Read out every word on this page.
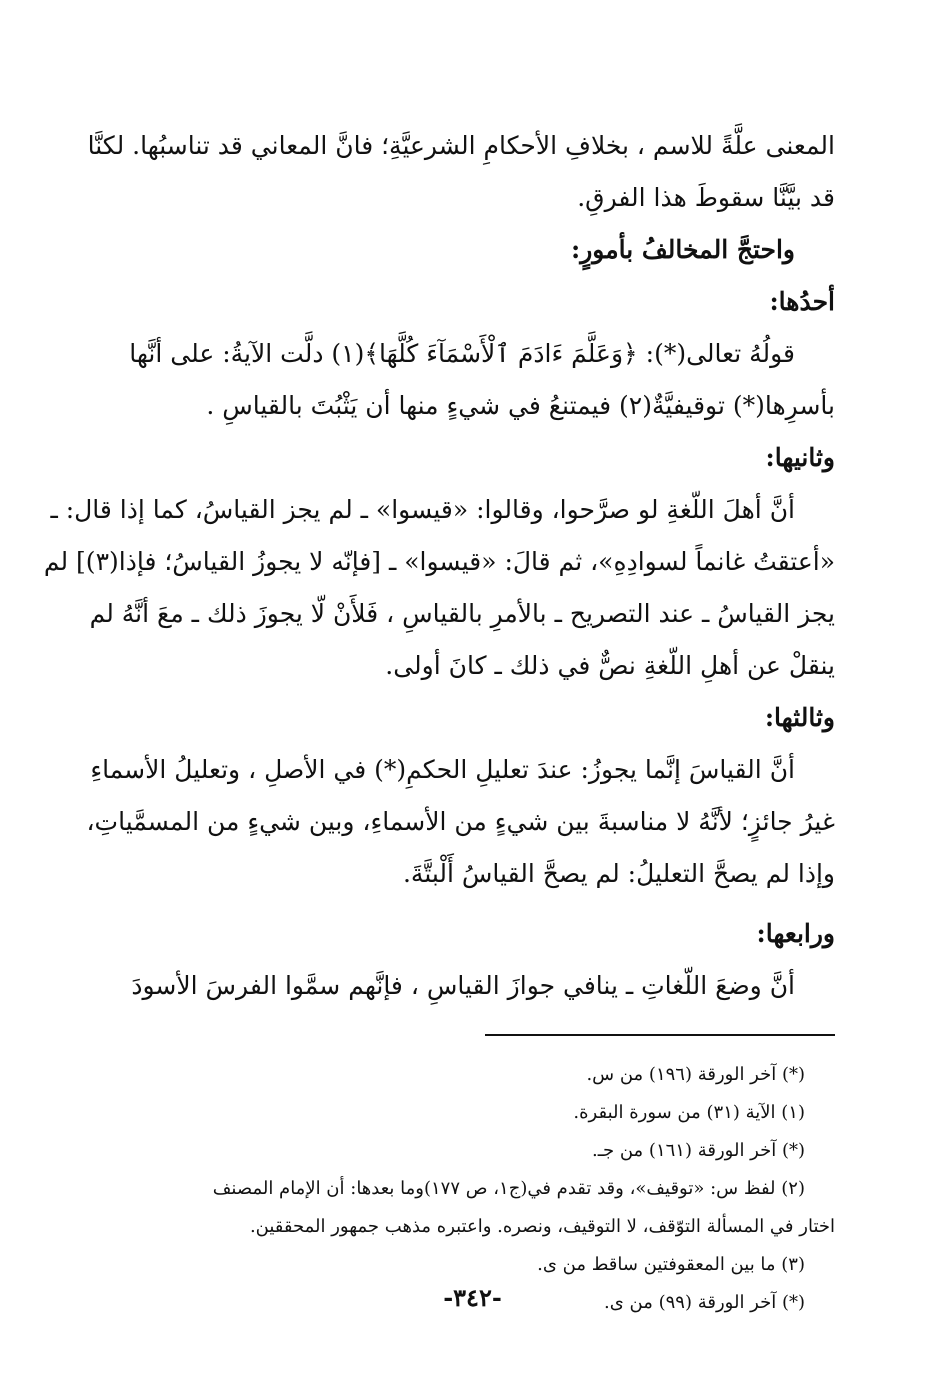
المعنى علَّةً للاسم ، بخلافِ الأحكامِ الشرعيَّةِ؛ فانَّ المعاني قد تناسبُها. لكنَّا
قد بيَّنَّا سقوطَ هذا الفرقِ.
واحتجَّ المخالفُ بأمورٍ:
أحدُها:
قولُهُ تعالى(*): ﴿وَعَلَّمَ ءَادَمَ ٱلْأَسْمَآءَ كُلَّهَا﴾(١) دلَّت الآيةُ: على أنَّها
بأسرِها(*) توقيفيَّةٌ(٢) فيمتنعُ في شيءٍ منها أن يَثْبُتَ بالقياسِ .
وثانيها:
أنَّ أهلَ اللّغةِ لو صرَّحوا، وقالوا: «قيسوا» ـ لم يجز القياسُ، كما إذا قال: ـ
«أعتقتُ غانماً لسوادِهِ»، ثم قالَ: «قيسوا» ـ [فإنّه لا يجوزُ القياسُ؛ فإذا(٣)] لم
يجز القياسُ ـ عند التصريح ـ بالأمرِ بالقياسِ ، فَلأَنْ لّا يجوزَ ذلك ـ معَ أنَّهُ لم
ينقلْ عن أهلِ اللّغةِ نصٌّ في ذلك ـ كانَ أولى.
وثالثها:
أنَّ القياسَ إنَّما يجوزُ: عندَ تعليلِ الحكمِ(*) في الأصلِ ، وتعليلُ الأسماءِ
غيرُ جائزٍ؛ لأنَّهُ لا مناسبةَ بين شيءٍ من الأسماءِ، وبين شيءٍ من المسمَّياتِ،
وإذا لم يصحَّ التعليلُ: لم يصحَّ القياسُ أَلْبتَّةَ.
ورابعها:
أنَّ وضعَ اللّغاتِ ـ ينافي جوازَ القياسِ ، فإنَّهم سمَّوا الفرسَ الأسودَ
(*) آخر الورقة (١٩٦) من س.
(١) الآية (٣١) من سورة البقرة.
(*) آخر الورقة (١٦١) من جـ.
(٢) لفظ س: «توقيف»، وقد تقدم في(ج١، ص ١٧٧)وما بعدها: أن الإمام المصنف
اختار في المسألة التوّقف، لا التوقيف، ونصره. واعتبره مذهب جمهور المحققين.
(٣) ما بين المعقوفتين ساقط من ى.
(*) آخر الورقة (٩٩) من ى.
-٣٤٢-
